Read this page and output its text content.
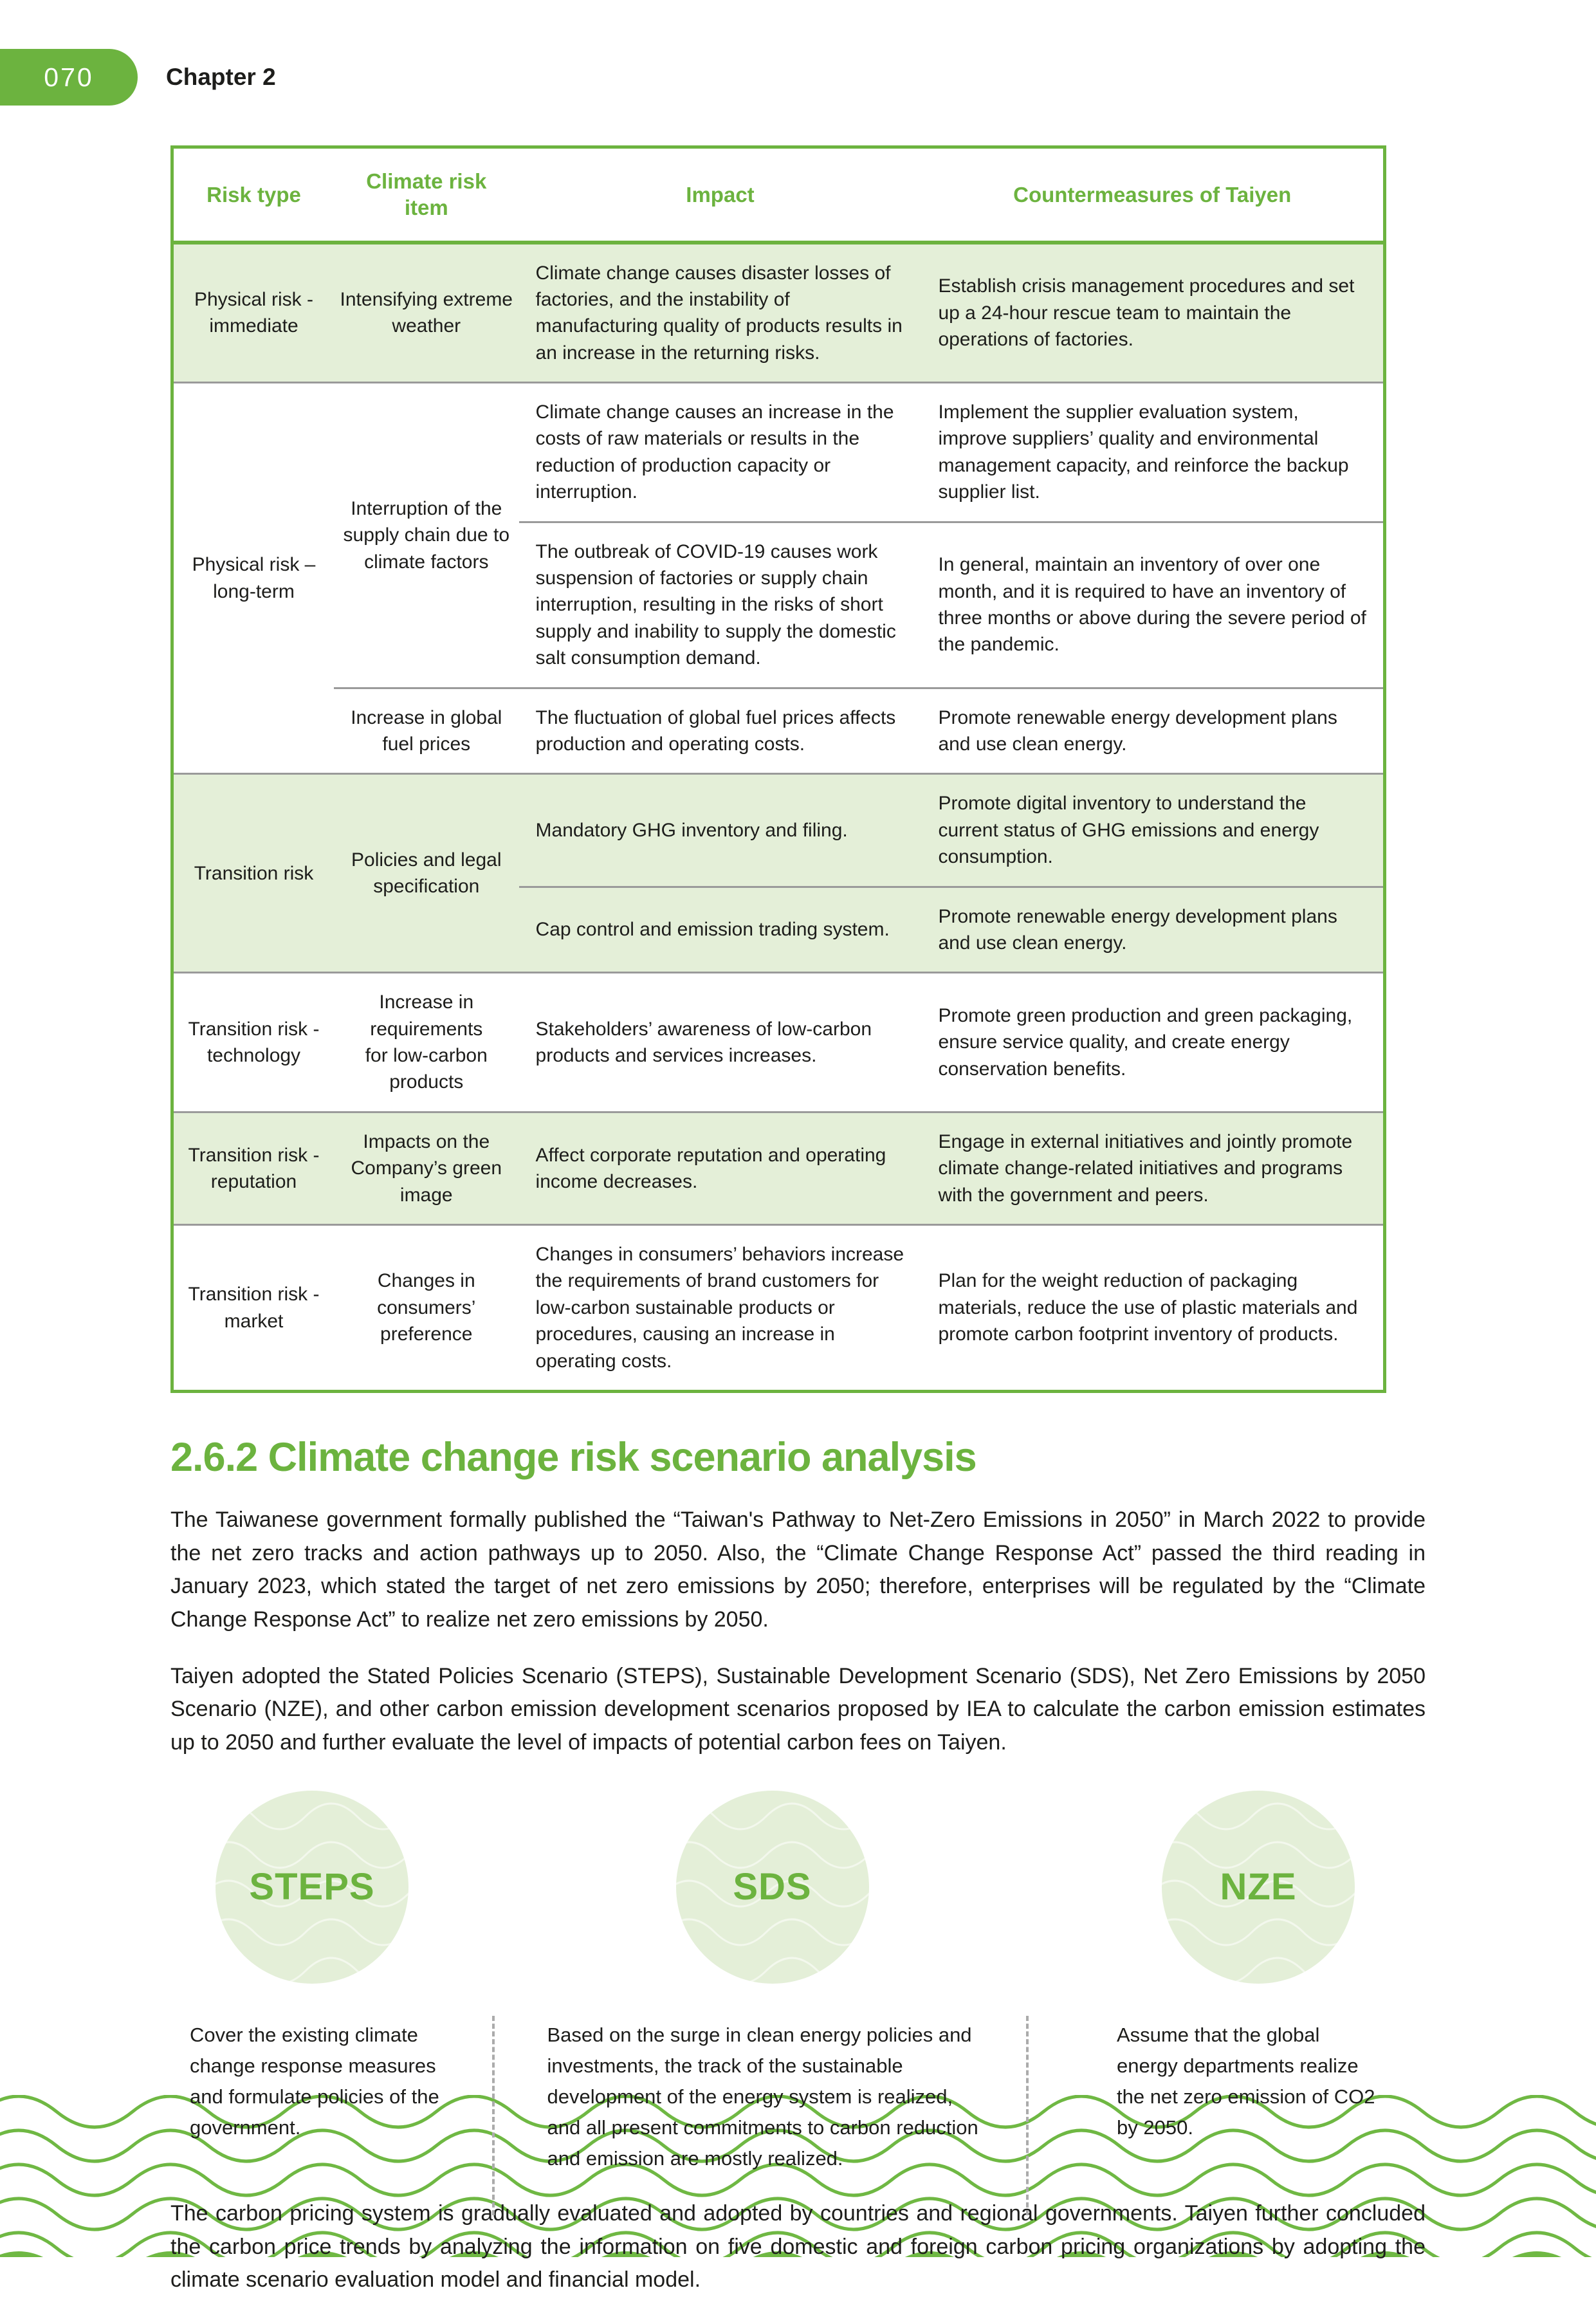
070	Chapter 2
Risk type	Climate risk item	Impact	Countermeasures of Taiyen
Physical risk - immediate	Intensifying extreme weather	Climate change causes disaster losses of factories, and the instability of manufacturing quality of products results in an increase in the returning risks.	Establish crisis management procedures and set up a 24-hour rescue team to maintain the operations of factories.
Physical risk – long-term	Interruption of the supply chain due to climate factors	Climate change causes an increase in the costs of raw materials or results in the reduction of production capacity or interruption.	Implement the supplier evaluation system, improve suppliers’ quality and environmental management capacity, and reinforce the backup supplier list.
		The outbreak of COVID-19 causes work suspension of factories or supply chain interruption, resulting in the risks of short supply and inability to supply the domestic salt consumption demand.	In general, maintain an inventory of over one month, and it is required to have an inventory of three months or above during the severe period of the pandemic.
	Increase in global fuel prices	The fluctuation of global fuel prices affects production and operating costs.	Promote renewable energy development plans and use clean energy.
Transition risk	Policies and legal specification	Mandatory GHG inventory and filing.	Promote digital inventory to understand the current status of GHG emissions and energy consumption.
		Cap control and emission trading system.	Promote renewable energy development plans and use clean energy.
Transition risk - technology	Increase in requirements for low-carbon products	Stakeholders’ awareness of low-carbon products and services increases.	Promote green production and green packaging, ensure service quality, and create energy conservation benefits.
Transition risk - reputation	Impacts on the Company’s green image	Affect corporate reputation and operating income decreases.	Engage in external initiatives and jointly promote climate change-related initiatives and programs with the government and peers.
Transition risk - market	Changes in consumers’ preference	Changes in consumers’ behaviors increase the requirements of brand customers for low-carbon sustainable products or procedures, causing an increase in operating costs.	Plan for the weight reduction of packaging materials, reduce the use of plastic materials and promote carbon footprint inventory of products.
2.6.2 Climate change risk scenario analysis

The Taiwanese government formally published the “Taiwan's Pathway to Net-Zero Emissions in 2050” in March 2022 to provide the net zero tracks and action pathways up to 2050. Also, the “Climate Change Response Act” passed the third reading in January 2023, which stated the target of net zero emissions by 2050; therefore, enterprises will be regulated by the “Climate Change Response Act” to realize net zero emissions by 2050.

Taiyen adopted the Stated Policies Scenario (STEPS), Sustainable Development Scenario (SDS), Net Zero Emissions by 2050 Scenario (NZE), and other carbon emission development scenarios proposed by IEA to calculate the carbon emission estimates up to 2050 and further evaluate the level of impacts of potential carbon fees on Taiyen.

STEPS
Cover the existing climate change response measures and formulate policies of the government.
SDS
Based on the surge in clean energy policies and investments, the track of the sustainable development of the energy system is realized, and all present commitments to carbon reduction and emission are mostly realized.
NZE
Assume that the global energy departments realize the net zero emission of CO2 by 2050.

The carbon pricing system is gradually evaluated and adopted by countries and regional governments. Taiyen further concluded the carbon price trends by analyzing the information on five domestic and foreign carbon pricing organizations by adopting the climate scenario evaluation model and financial model.
